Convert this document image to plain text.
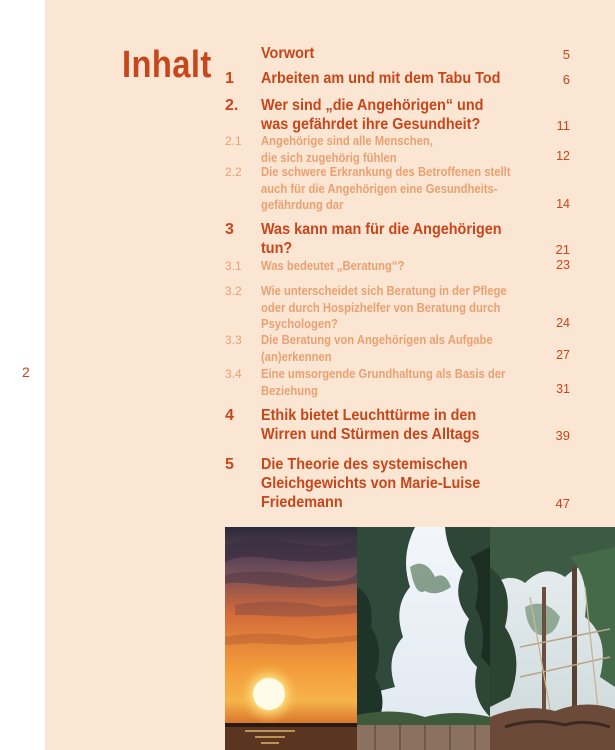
2
Inhalt	Vorwort	5
1 Arbeiten am und mit dem Tabu Tod	6
2. Wer sind „die Angehörigen“ und
was gefährdet ihre Gesundheit?	11
2.1 Angehörige sind alle Menschen,
die sich zugehörig fühlen	12
2.2 Die schwere Erkrankung des Betroffenen stellt
auch für die Angehörigen eine Gesundheits-
gefährdung dar	14
3 Was kann man für die Angehörigen
tun?	21
3.1 Was bedeutet „Beratung“?	23
3.2 Wie unterscheidet sich Beratung in der Pflege
oder durch Hospizhelfer von Beratung durch
Psychologen?	24
3.3 Die Beratung von Angehörigen als Aufgabe
(an)erkennen	27
3.4 Eine umsorgende Grundhaltung als Basis der
Beziehung	31
4 Ethik bietet Leuchttürme in den
Wirren und Stürmen des Alltags	39
5 Die Theorie des systemischen
Gleichgewichts von Marie-Luise
Friedemann	47
